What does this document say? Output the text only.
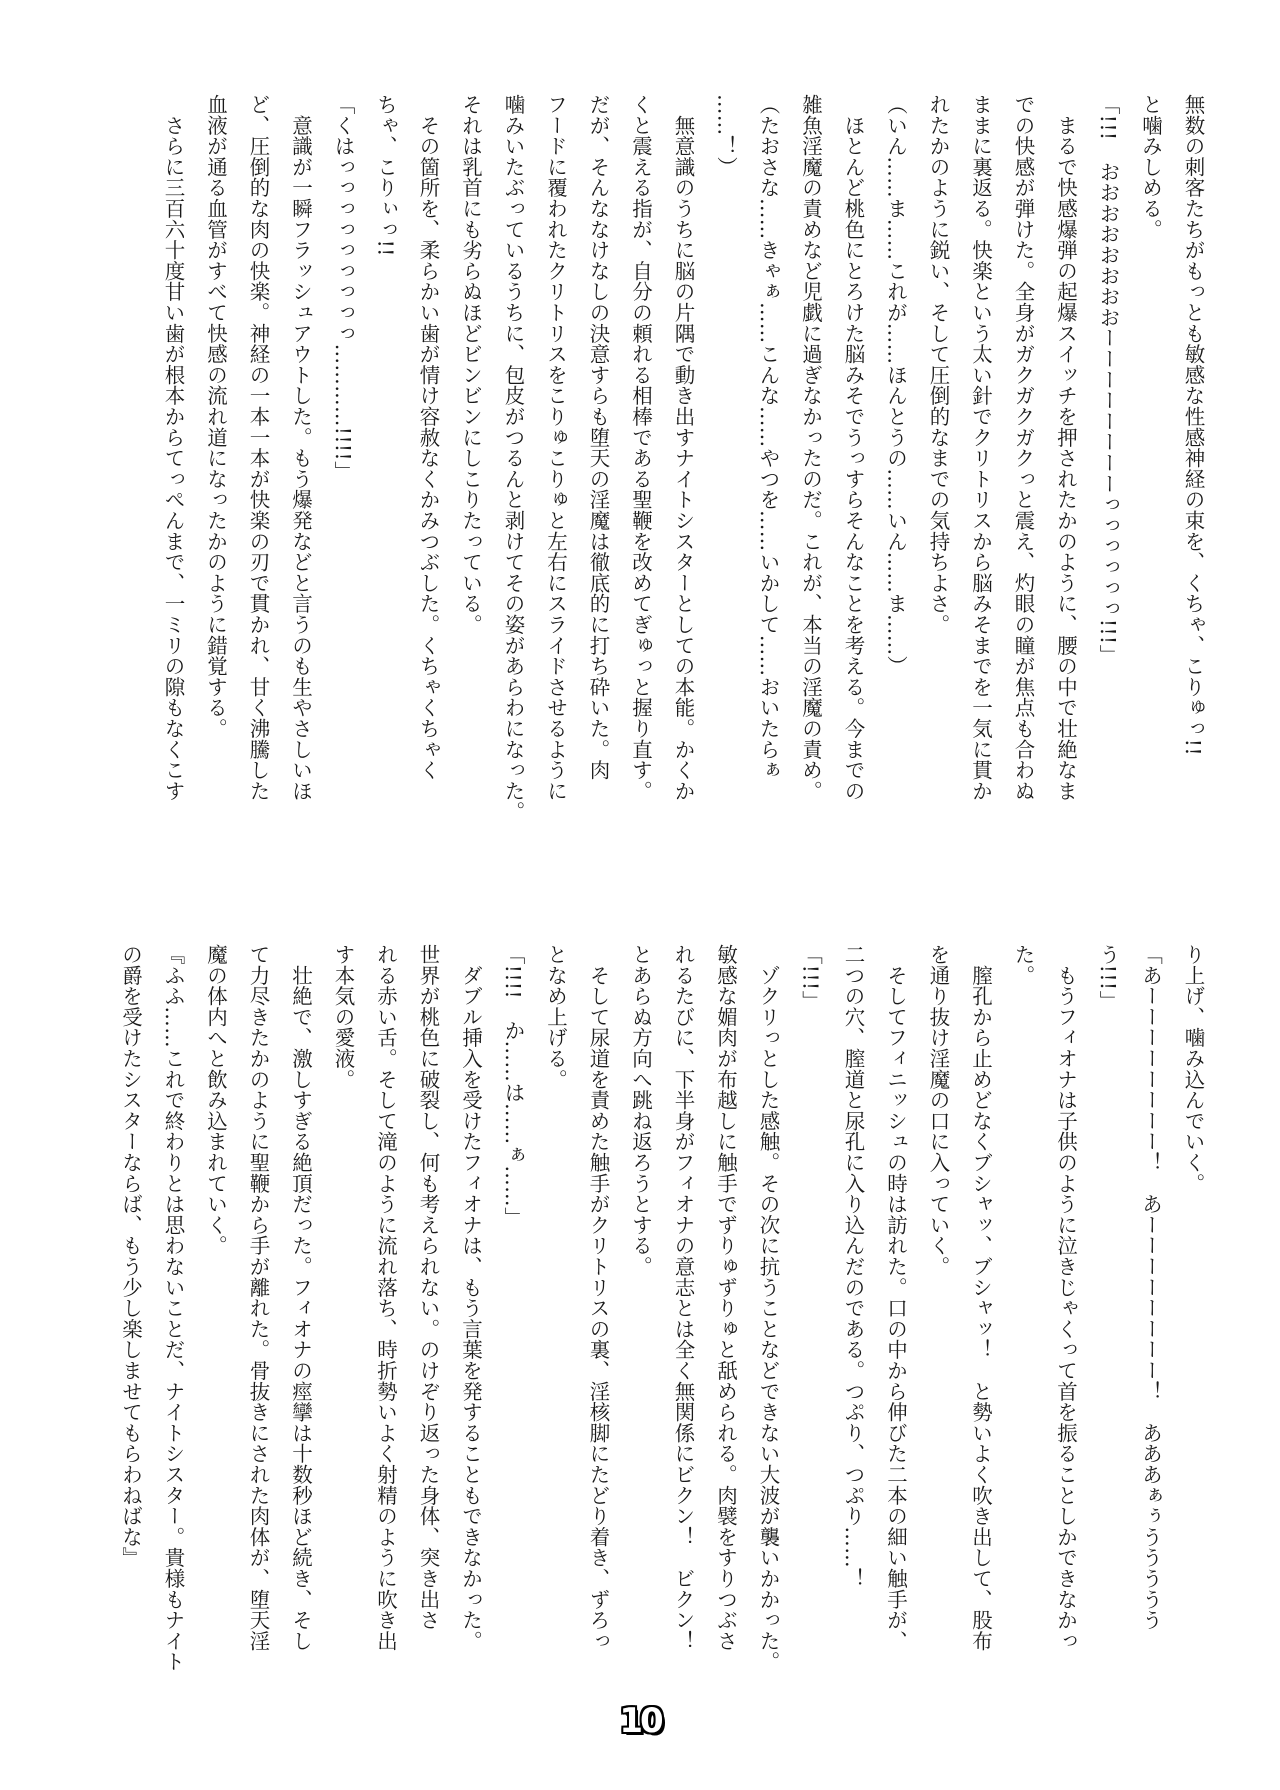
無数の刺客たちがもっとも敏感な性感神経の束を、くちゃ、こりゅっ!!
と噛みしめる。
「!!!　おおおおおおおおーーーーーーーーっっっっっっ!!!」
　まるで快感爆弾の起爆スイッチを押されたかのように、腰の中で壮絶なま
での快感が弾けた。全身がガクガクガクっと震え、灼眼の瞳が焦点も合わぬ
ままに裏返る。快楽という太い針でクリトリスから脳みそまでを一気に貫か
れたかのように鋭い、そして圧倒的なまでの気持ちよさ。
（いん……ま……これが……ほんとうの……いん……ま……）
　ほとんど桃色にとろけた脳みそでうっすらそんなことを考える。今までの
雑魚淫魔の責めなど児戯に過ぎなかったのだ。これが、本当の淫魔の責め。
（たおさな……きゃぁ……こんな……やつを……いかして……おいたらぁ
……！）
　無意識のうちに脳の片隅で動き出すナイトシスターとしての本能。かくか
くと震える指が、自分の頼れる相棒である聖鞭を改めてぎゅっと握り直す。
だが、そんななけなしの決意すらも堕天の淫魔は徹底的に打ち砕いた。肉
フードに覆われたクリトリスをこりゅこりゅと左右にスライドさせるように
噛みいたぶっているうちに、包皮がつるんと剥けてその姿があらわになった。
それは乳首にも劣らぬほどビンビンにしこりたっている。
　その箇所を、柔らかい歯が情け容赦なくかみつぶした。くちゃくちゃく
ちゃ、こりぃっ!!
「くはっっっっっっっっっ…………!!!!」
　意識が一瞬フラッシュアウトした。もう爆発などと言うのも生やさしいほ
ど、圧倒的な肉の快楽。神経の一本一本が快楽の刃で貫かれ、甘く沸騰した
血液が通る血管がすべて快感の流れ道になったかのように錯覚する。
　さらに三百六十度甘い歯が根本からてっぺんまで、一ミリの隙もなくこす
り上げ、噛み込んでいく。
「あーーーーーーーー！　あーーーーーーーー！　あああぁぅうううううう!!!」
　もうフィオナは子供のように泣きじゃくって首を振ることしかできなかっ
た。
　膣孔から止めどなくブシャッ、ブシャッ！　と勢いよく吹き出して、股布
を通り抜け淫魔の口に入っていく。
　そしてフィニッシュの時は訪れた。口の中から伸びた二本の細い触手が、
二つの穴、膣道と尿孔に入り込んだのである。つぷり、つぷり……！
「!!!」
　ゾクリっとした感触。その次に抗うことなどできない大波が襲いかかった。
敏感な媚肉が布越しに触手でずりゅずりゅと舐められる。肉襞をすりつぶさ
れるたびに、下半身がフィオナの意志とは全く無関係にビクン！　ビクン！
とあらぬ方向へ跳ね返ろうとする。
　そして尿道を責めた触手がクリトリスの裏、淫核脚にたどり着き、ずろっ
となめ上げる。
「!!!!　か……は……ぁ……」
　ダブル挿入を受けたフィオナは、もう言葉を発することもできなかった。
世界が桃色に破裂し、何も考えられない。のけぞり返った身体、突き出さ
れる赤い舌。そして滝のように流れ落ち、時折勢いよく射精のように吹き出
す本気の愛液。
　壮絶で、激しすぎる絶頂だった。フィオナの痙攣は十数秒ほど続き、そし
て力尽きたかのように聖鞭から手が離れた。骨抜きにされた肉体が、堕天淫
魔の体内へと飲み込まれていく。
『ふふ……これで終わりとは思わないことだ、ナイトシスター。貴様もナイト
の爵を受けたシスターならば、もう少し楽しませてもらわねばな』
10
